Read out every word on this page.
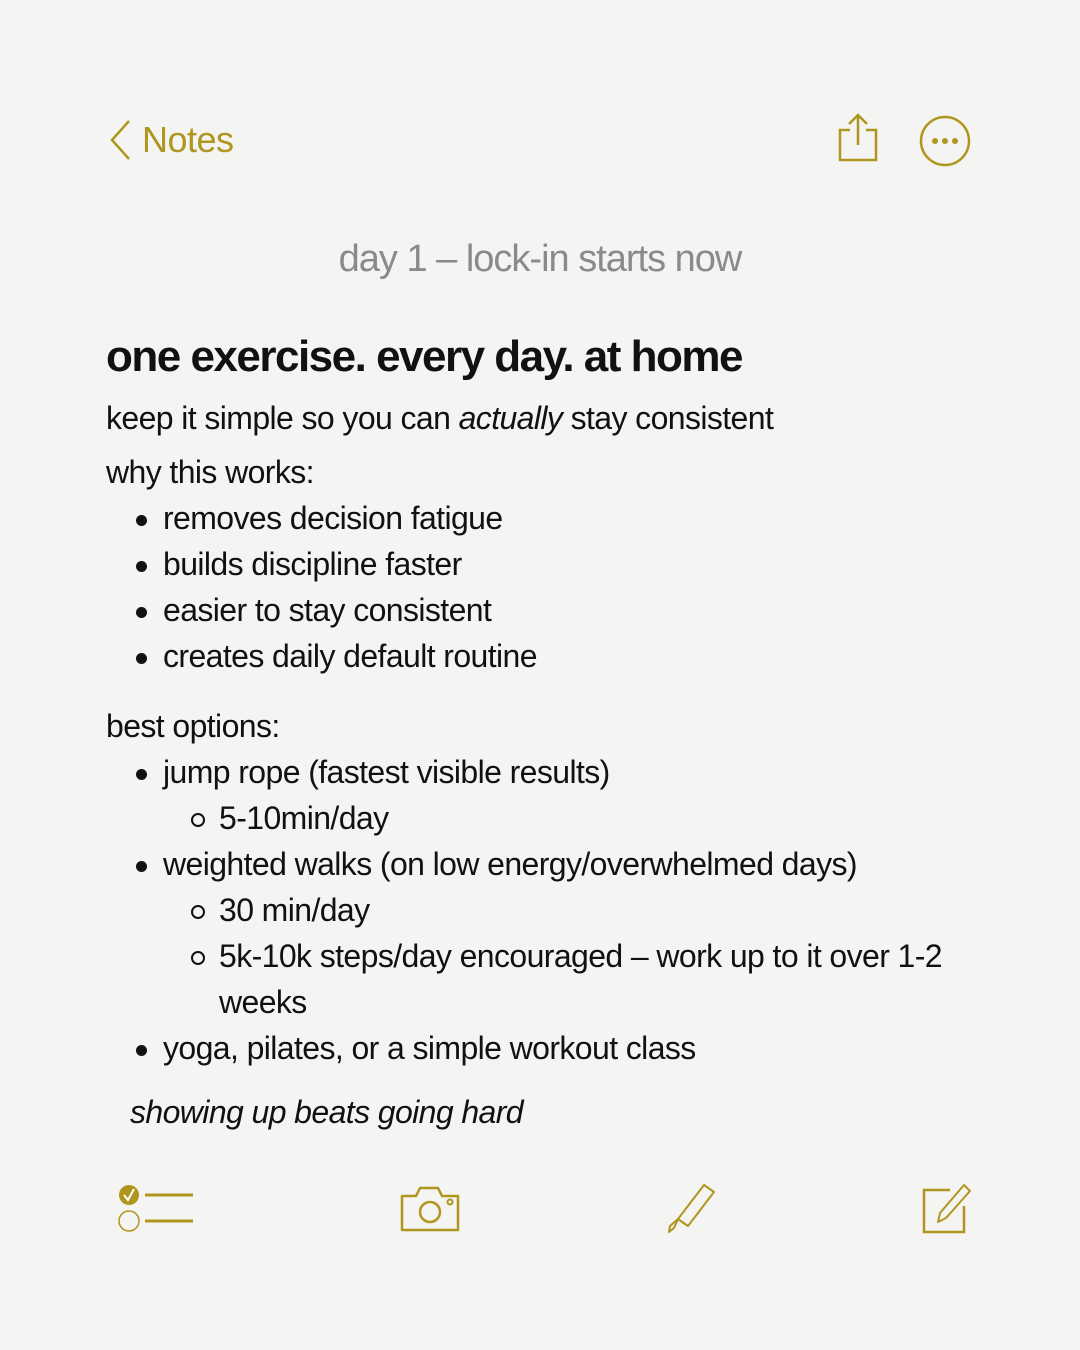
Notes
day 1 – lock-in starts now
one exercise. every day. at home
keep it simple so you can actually stay consistent
why this works:
removes decision fatigue
builds discipline faster
easier to stay consistent
creates daily default routine
best options:
jump rope (fastest visible results)
5-10min/day
weighted walks (on low energy/overwhelmed days)
30 min/day
5k-10k steps/day encouraged – work up to it over 1-2
weeks
yoga, pilates, or a simple workout class
showing up beats going hard
